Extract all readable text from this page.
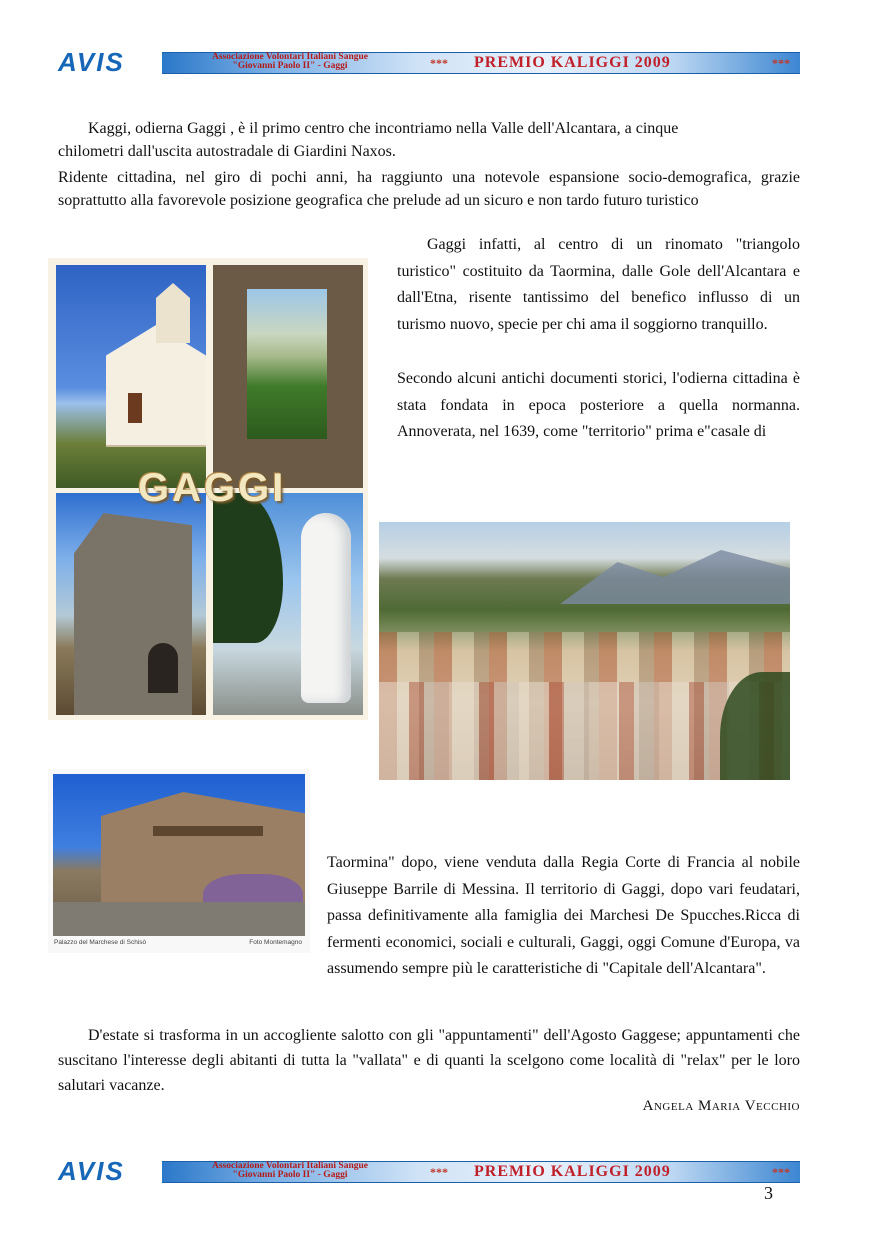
AVIS	Associazione Volontari Italiani Sangue
"Giovanni Paolo II" - Gaggi	*** PREMIO KALIGGI 2009	***

Kaggi, odierna Gaggi , è il primo centro che incontriamo nella Valle dell'Alcantara, a cinque
chilometri dall'uscita autostradale di Giardini Naxos.

Ridente cittadina, nel giro di pochi anni, ha raggiunto una notevole espansione socio-demografica, grazie soprattutto alla favorevole posizione geografica che prelude ad un sicuro e non tardo futuro turistico

Gaggi infatti, al centro di un rinomato "triangolo turistico" costituito da Taormina, dalle Gole dell'Alcantara e dall'Etna, risente tantissimo del benefico influsso di un turismo nuovo, specie per chi ama il soggiorno tranquillo.

Secondo alcuni antichi documenti storici, l'odierna cittadina è stata fondata in epoca posteriore a quella normanna. Annoverata, nel 1639, come "territorio" prima e"casale di

Taormina" dopo, viene venduta dalla Regia Corte di Francia al nobile Giuseppe Barrile di Messina. Il territorio di Gaggi, dopo vari feudatari, passa definitivamente alla famiglia dei Marchesi De Spucches.Ricca di fermenti economici, sociali e culturali, Gaggi, oggi Comune d'Europa, va assumendo sempre più le caratteristiche di "Capitale dell'Alcantara".

D'estate si trasforma in un accogliente salotto con gli "appuntamenti" dell'Agosto Gaggese; appuntamenti che suscitano l'interesse degli abitanti di tutta la "vallata" e di quanti la scelgono come località di "relax" per le loro salutari vacanze.

Angela Maria Vecchio
GAGGI
Palazzo del Marchese di Schisò	Foto Montemagno
AVIS	Associazione Volontari Italiani Sangue
"Giovanni Paolo II" - Gaggi	*** PREMIO KALIGGI 2009	***
3
